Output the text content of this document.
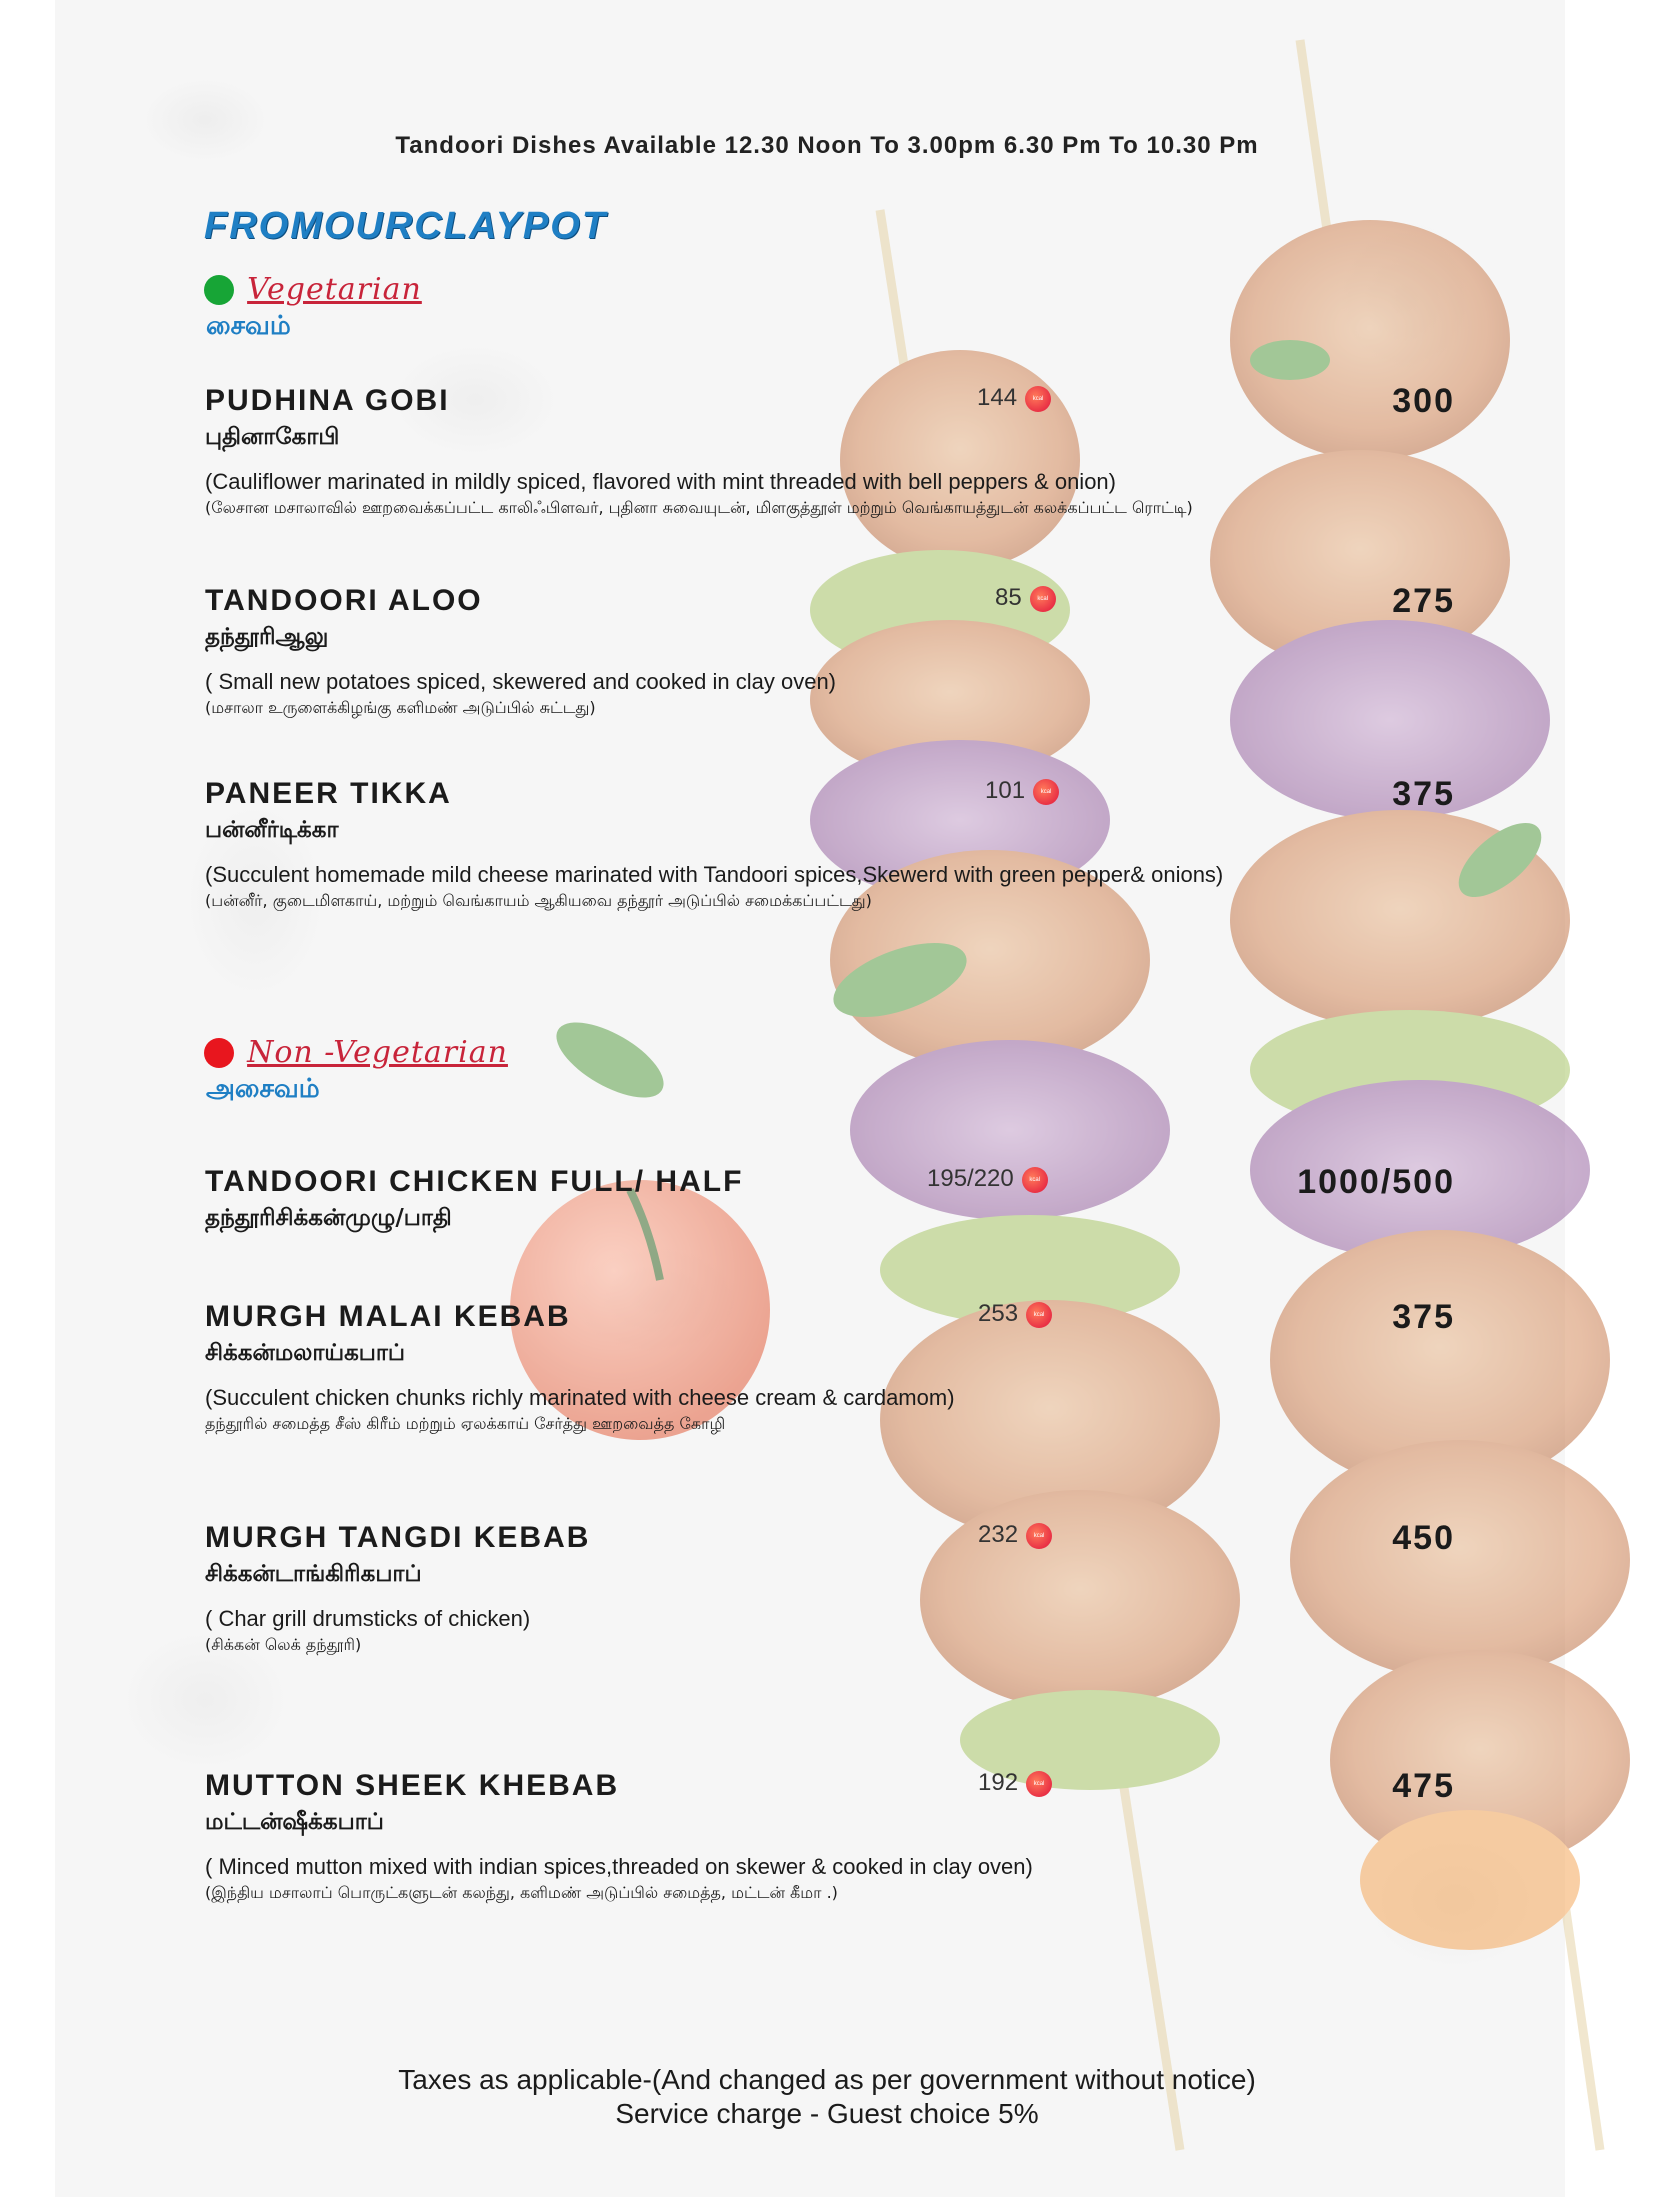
Tandoori Dishes Available 12.30 Noon To 3.00pm 6.30 Pm To 10.30 Pm
FROMOURCLAYPOT
Vegetarian
சைவம்
PUDHINA GOBI
புதினாகோபி
(Cauliflower marinated in mildly spiced, flavored with mint threaded with bell peppers & onion)
(லேசான மசாலாவில் ஊறவைக்கப்பட்ட காலிஃபிளவர், புதினா சுவையுடன், மிளகுத்தூள் மற்றும் வெங்காயத்துடன் கலக்கப்பட்ட ரொட்டி)
144	kcal	300
TANDOORI ALOO
தந்தூரிஆலு
( Small new potatoes spiced, skewered and cooked in clay oven)
(மசாலா உருளைக்கிழங்கு களிமண் அடுப்பில் சுட்டது)
85	kcal	275
PANEER TIKKA
பன்னீர்டிக்கா
(Succulent homemade mild cheese marinated with Tandoori spices,Skewerd with green pepper& onions)
(பன்னீர், குடைமிளகாய், மற்றும் வெங்காயம் ஆகியவை தந்தூர் அடுப்பில் சமைக்கப்பட்டது)
101	kcal	375
Non -Vegetarian
அசைவம்
TANDOORI CHICKEN FULL/ HALF
தந்தூரிசிக்கன்முழு/பாதி
195/220	kcal	1000/500
MURGH MALAI KEBAB
சிக்கன்மலாய்கபாப்
(Succulent chicken chunks richly marinated with cheese cream & cardamom)
தந்தூரில் சமைத்த சீஸ் கிரீம் மற்றும் ஏலக்காய் சேர்த்து ஊறவைத்த கோழி
253	kcal	375
MURGH TANGDI KEBAB
சிக்கன்டாங்கிரிகபாப்
( Char grill drumsticks of chicken)
(சிக்கன் லெக் தந்தூரி)
232	kcal	450
MUTTON SHEEK KHEBAB
மட்டன்ஷீக்கபாப்
( Minced mutton mixed with indian spices,threaded on skewer & cooked in clay oven)
(இந்திய மசாலாப் பொருட்களுடன் கலந்து, களிமண் அடுப்பில் சமைத்த, மட்டன் கீமா .)
192	kcal	475
Taxes as applicable-(And changed as per government without notice)
Service charge - Guest choice 5%
